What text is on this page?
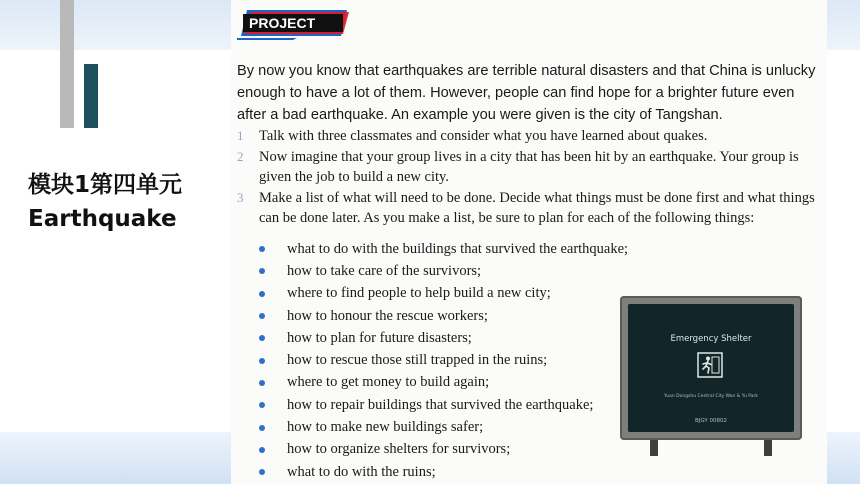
模块1第四单元
Earthquake
PROJECT
By now you know that earthquakes are terrible natural disasters and that China is unlucky enough to have a lot of them. However, people can find hope for a brighter future even after a bad earthquake. An example you were given is the city of Tangshan.
1	Talk with three classmates and consider what you have learned about quakes.
2	Now imagine that your group lives in a city that has been hit by an earthquake. Your group is given the job to build a new city.
3	Make a list of what will need to be done. Decide what things must be done first and what things can be done later. As you make a list, be sure to plan for each of the following things:
what to do with the buildings that survived the earthquake;
how to take care of the survivors;
where to find people to help build a new city;
how to honour the rescue workers;
how to plan for future disasters;
how to rescue those still trapped in the ruins;
where to get money to build again;
how to repair buildings that survived the earthquake;
how to make new buildings safer;
how to organize shelters for survivors;
what to do with the ruins;
Emergency Shelter
Yuan Dongshu Central City Wan & Yu Park
BJGY 00802
